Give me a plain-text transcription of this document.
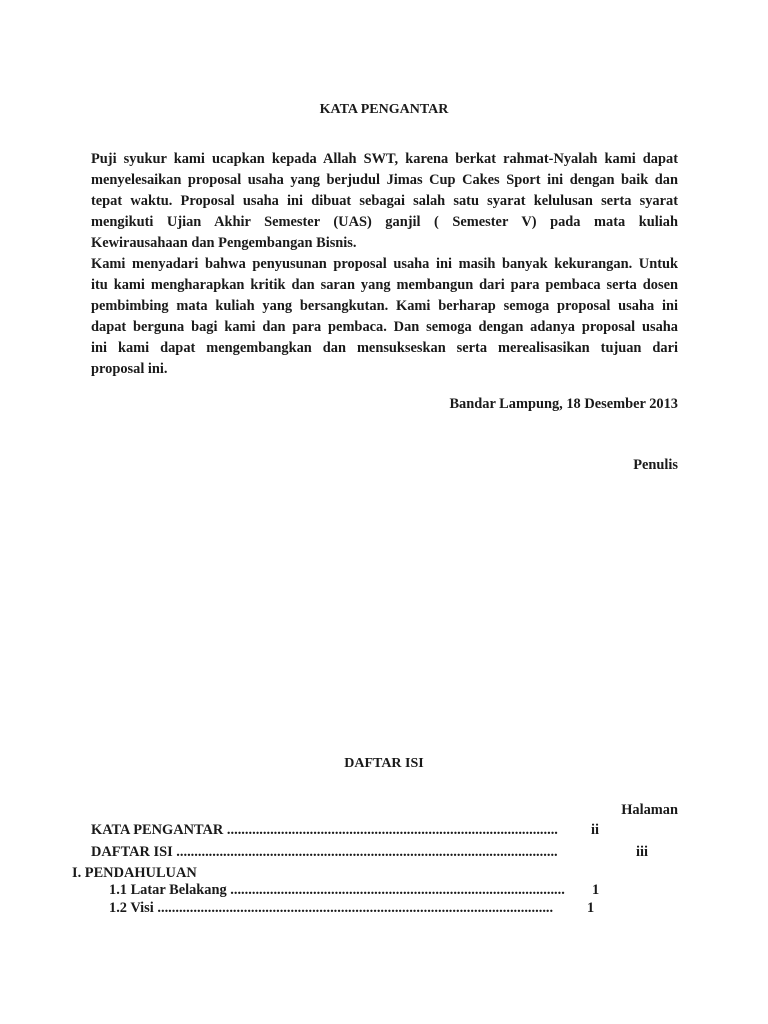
KATA PENGANTAR
Puji syukur kami ucapkan kepada Allah SWT, karena berkat rahmat-Nyalah kami dapat
menyelesaikan proposal usaha yang berjudul Jimas Cup Cakes Sport ini dengan baik dan
tepat waktu. Proposal usaha ini dibuat sebagai salah satu syarat kelulusan serta syarat
mengikuti Ujian Akhir Semester (UAS) ganjil ( Semester V) pada mata kuliah
Kewirausahaan dan Pengembangan Bisnis.
Kami menyadari bahwa penyusunan proposal usaha ini masih banyak kekurangan. Untuk
itu kami mengharapkan kritik dan saran yang membangun dari para pembaca serta dosen
pembimbing mata kuliah yang bersangkutan. Kami berharap semoga proposal usaha ini
dapat berguna bagi kami dan para pembaca. Dan semoga dengan adanya proposal usaha
ini kami dapat mengembangkan dan mensukseskan serta merealisasikan tujuan dari
proposal ini.
Bandar Lampung, 18 Desember 2013
Penulis
DAFTAR ISI
Halaman
KATA PENGANTAR ............................................................................................ ii
DAFTAR ISI ..........................................................................................................	iii
I. PENDAHULUAN
1.1 Latar Belakang ............................................................................................. 1
1.2 Visi .............................................................................................................. 1
